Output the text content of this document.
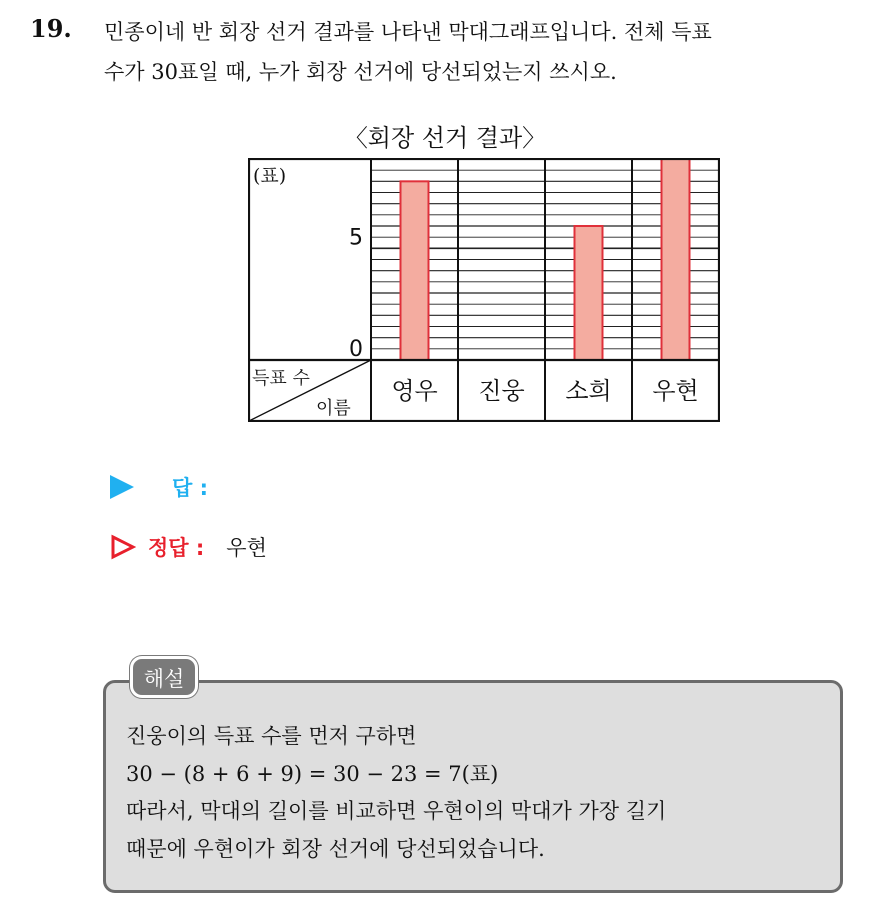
19. 민종이네 반 회장 선거 결과를 나타낸 막대그래프입니다. 전체 득표
수가 30표일 때, 누가 회장 선거에 당선되었는지 쓰시오.
〈회장 선거 결과〉
(표)
득표 수
이름
0
5
영우 진웅 소희 우현
답 :
정답 : 우현
해설
진웅이의 득표 수를 먼저 구하면
30 − (8 + 6 + 9) = 30 − 23 = 7(표)
따라서, 막대의 길이를 비교하면 우현이의 막대가 가장 길기
때문에 우현이가 회장 선거에 당선되었습니다.
